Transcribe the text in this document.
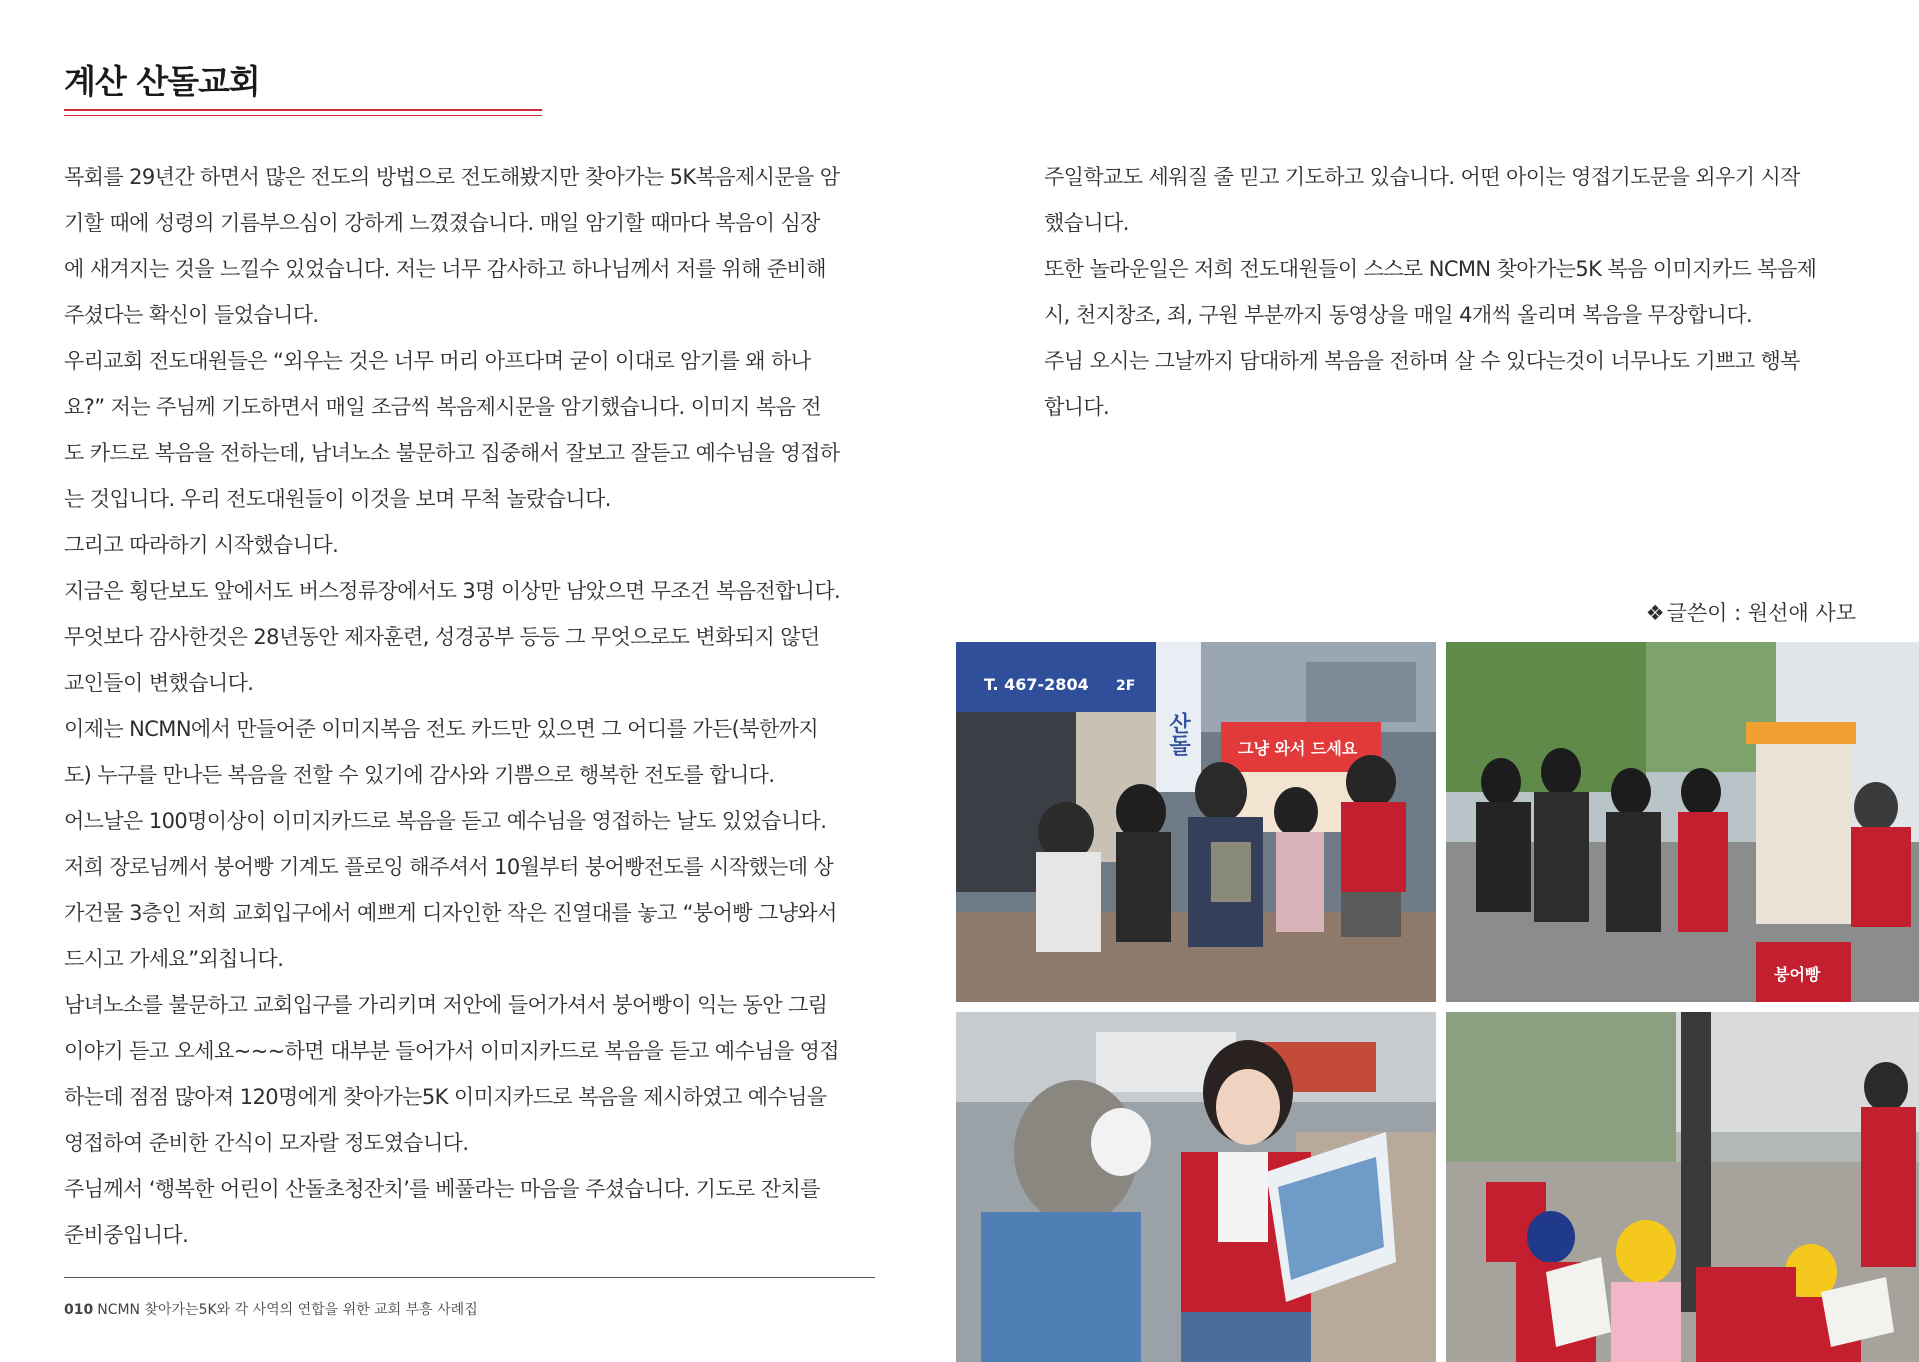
계산 산돌교회

목회를 29년간 하면서 많은 전도의 방법으로 전도해봤지만 찾아가는 5K복음제시문을 암

기할 때에 성령의 기름부으심이 강하게 느꼈졌습니다. 매일 암기할 때마다 복음이 심장

에 새겨지는 것을 느낄수 있었습니다. 저는 너무 감사하고 하나님께서 저를 위해 준비해

주셨다는 확신이 들었습니다.

우리교회 전도대원들은 “외우는 것은 너무 머리 아프다며 굳이 이대로 암기를 왜 하나

요?” 저는 주님께 기도하면서 매일 조금씩 복음제시문을 암기했습니다. 이미지 복음 전

도 카드로 복음을 전하는데, 남녀노소 불문하고 집중해서 잘보고 잘듣고 예수님을 영접하

는 것입니다. 우리 전도대원들이 이것을 보며 무척 놀랐습니다.

그리고 따라하기 시작했습니다.

지금은 횡단보도 앞에서도 버스정류장에서도 3명 이상만 남았으면 무조건 복음전합니다.

무엇보다 감사한것은 28년동안 제자훈련, 성경공부 등등 그 무엇으로도 변화되지 않던

교인들이 변했습니다.

이제는 NCMN에서 만들어준 이미지복음 전도 카드만 있으면 그 어디를 가든(북한까지

도) 누구를 만나든 복음을 전할 수 있기에 감사와 기쁨으로 행복한 전도를 합니다.

어느날은 100명이상이 이미지카드로 복음을 듣고 예수님을 영접하는 날도 있었습니다.

저희 장로님께서 붕어빵 기계도 플로잉 해주셔서 10월부터 붕어빵전도를 시작했는데 상

가건물 3층인 저희 교회입구에서 예쁘게 디자인한 작은 진열대를 놓고 “붕어빵 그냥와서

드시고 가세요”외칩니다.

남녀노소를 불문하고 교회입구를 가리키며 저안에 들어가셔서 붕어빵이 익는 동안 그림

이야기 듣고 오세요~~~하면 대부분 들어가서 이미지카드로 복음을 듣고 예수님을 영접

하는데 점점 많아져 120명에게 찾아가는5K 이미지카드로 복음을 제시하였고 예수님을

영접하여 준비한 간식이 모자랄 정도였습니다.

주님께서 ‘행복한 어린이 산돌초청잔치’를 베풀라는 마음을 주셨습니다. 기도로 잔치를

준비중입니다.

주일학교도 세워질 줄 믿고 기도하고 있습니다. 어떤 아이는 영접기도문을 외우기 시작

했습니다.

또한 놀라운일은 저희 전도대원들이 스스로 NCMN 찾아가는5K 복음 이미지카드 복음제

시, 천지창조, 죄, 구원 부분까지 동영상을 매일 4개씩 올리며 복음을 무장합니다.

주님 오시는 그날까지 담대하게 복음을 전하며 살 수 있다는것이 너무나도 기쁘고 행복

합니다.

❖글쓴이 : 원선애 사모
010 NCMN 찾아가는5K와 각 사역의 연합을 위한 교회 부흥 사례집
T. 467-2804 2F
산돌	그냥 와서 드세요
붕어빵
